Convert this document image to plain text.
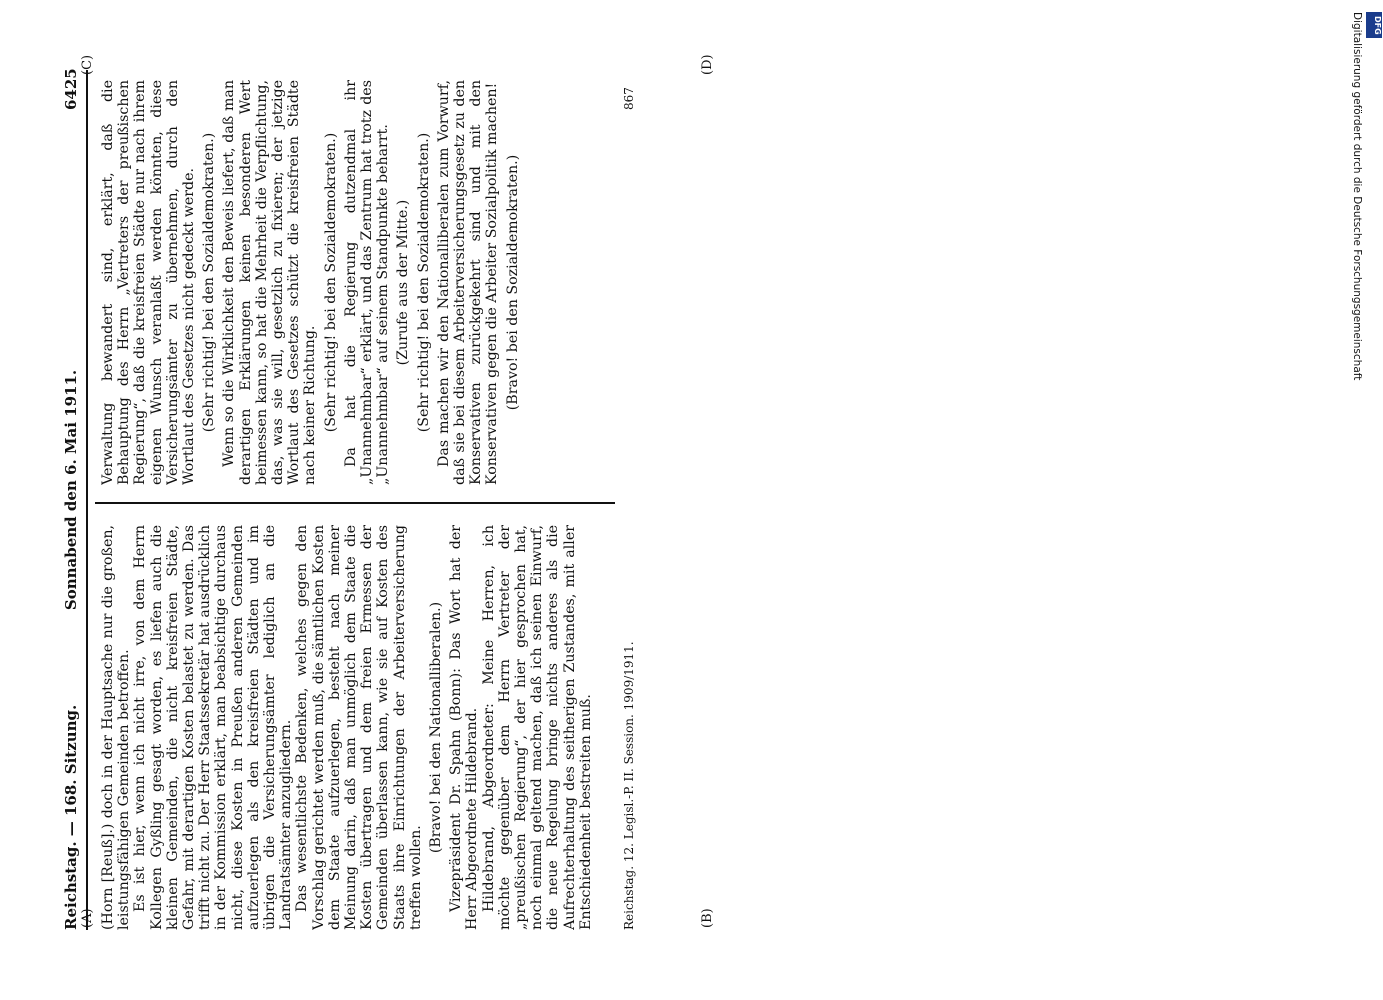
Reichstag. — 168. Sitzung.
Sonnabend den 6. Mai 1911.
6425
(A)	(B)
(C)	(D)

(Horn [Reuß].) doch in der Hauptsache nur die großen, leistungsfähigen Gemeinden betroffen. Es ist hier, wenn ich nicht irre, von dem Herrn Kollegen Gyßling gesagt worden, es liefen auch die kleinen Gemeinden, die nicht kreisfreien Städte, Gefahr, mit derartigen Kosten belastet zu werden. Das trifft nicht zu. Der Herr Staatssekretär hat ausdrücklich in der Kommission erklärt, man beabsichtige durchaus nicht, diese Kosten in Preußen anderen Gemeinden aufzuerlegen als den kreisfreien Städten und im übrigen die Versicherungsämter lediglich an die Landratsämter anzugliedern. Das wesentlichste Bedenken, welches gegen den Vorschlag gerichtet werden muß, die sämtlichen Kosten dem Staate aufzuerlegen, besteht nach meiner Meinung darin, daß man unmöglich dem Staate die Kosten übertragen und dem freien Ermessen der Gemeinden überlassen kann, wie sie auf Kosten des Staats ihre Einrichtungen der Arbeiterversicherung treffen wollen.

(Bravo! bei den Nationalliberalen.) Vizepräsident Dr. Spahn (Bonn): Das Wort hat der Herr Abgeordnete Hildebrand. Hildebrand, Abgeordneter: Meine Herren, ich möchte gegenüber dem Herrn Vertreter der „preußischen Regierung“, der hier gesprochen hat, noch einmal geltend machen, daß ich seinen Einwurf, die neue Regelung bringe nichts anderes als die Aufrechterhaltung des seitherigen Zustandes, mit aller Entschiedenheit bestreiten muß.

Verwaltung bewandert sind, erklärt, daß die Behauptung des Herrn „Vertreters der preußischen Regierung“, daß die kreisfreien Städte nur nach ihrem eigenen Wunsch veranlaßt werden könnten, diese Versicherungsämter zu übernehmen, durch den Wortlaut des Gesetzes nicht gedeckt werde. (Sehr richtig! bei den Sozialdemokraten.) Wenn so die Wirklichkeit den Beweis liefert, daß man derartigen Erklärungen keinen besonderen Wert beimessen kann, so hat die Mehrheit die Verpflichtung, das, was sie will, gesetzlich zu fixieren; der jetzige Wortlaut des Gesetzes schützt die kreisfreien Städte nach keiner Richtung. (Sehr richtig! bei den Sozialdemokraten.) Da hat die Regierung dutzendmal ihr „Unannehmbar“ erklärt, und das Zentrum hat trotz des „Unannehmbar“ auf seinem Standpunkte beharrt. (Zurufe aus der Mitte.) (Sehr richtig! bei den Sozialdemokraten.) Das machen wir den Nationalliberalen zum Vorwurf, daß sie bei diesem Arbeiterversicherungsgesetz zu den Konservativen zurückgekehrt sind und mit den Konservativen gegen die Arbeiter Sozialpolitik machen! (Bravo! bei den Sozialdemokraten.)

Reichstag. 12. Legisl.-P. II. Session. 1909/1911.
867
DFG
Digitalisierung gefördert durch die Deutsche Forschungsgemeinschaft
